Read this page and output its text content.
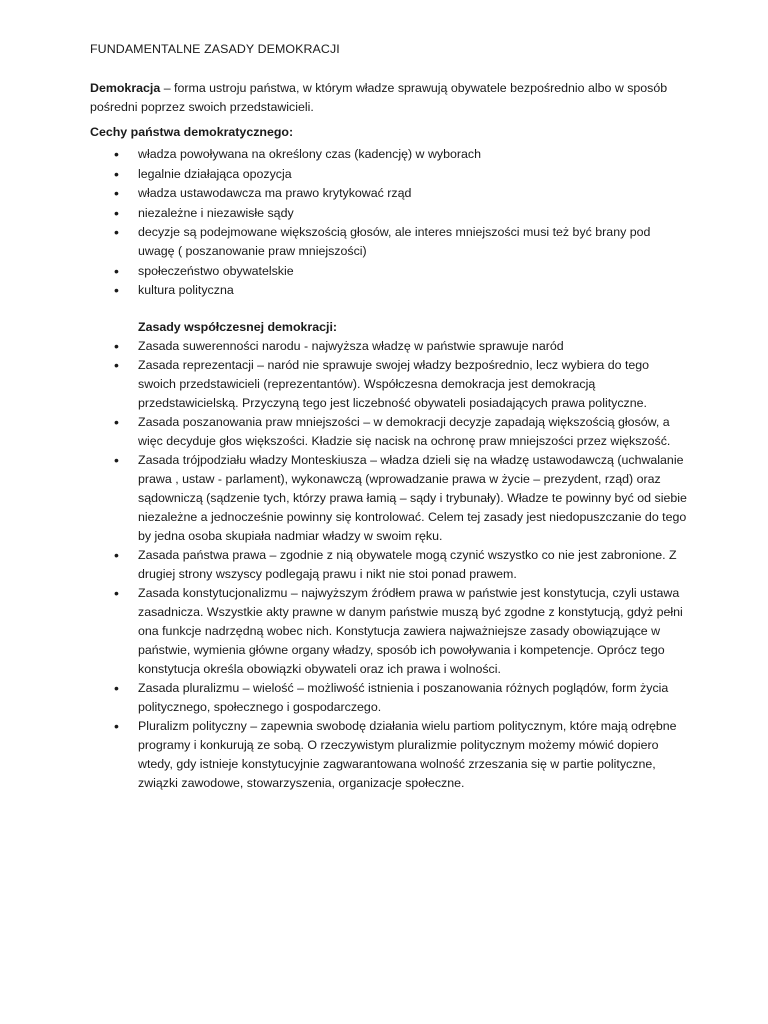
FUNDAMENTALNE ZASADY DEMOKRACJI

Demokracja – forma ustroju państwa, w którym władze sprawują obywatele bezpośrednio albo w sposób pośredni poprzez swoich przedstawicieli.

Cechy państwa demokratycznego:
• władza powoływana na określony czas (kadencję) w wyborach
• legalnie działająca opozycja
• władza ustawodawcza ma prawo krytykować rząd
• niezależne i niezawisłe sądy
• decyzje są podejmowane większością głosów, ale interes mniejszości musi też być brany pod uwagę ( poszanowanie praw mniejszości)
• społeczeństwo obywatelskie
• kultura polityczna
Zasady współczesnej demokracji:
• Zasada suwerenności narodu - najwyższa władzę w państwie sprawuje naród
• Zasada reprezentacji – naród nie sprawuje swojej władzy bezpośrednio, lecz wybiera do tego swoich przedstawicieli (reprezentantów). Współczesna demokracja jest demokracją przedstawicielską. Przyczyną tego jest liczebność obywateli posiadających prawa polityczne.
• Zasada poszanowania praw mniejszości – w demokracji decyzje zapadają większością głosów, a więc decyduje głos większości. Kładzie się nacisk na ochronę praw mniejszości przez większość.
• Zasada trójpodziału władzy Monteskiusza – władza dzieli się na władzę ustawodawczą (uchwalanie prawa , ustaw - parlament), wykonawczą (wprowadzanie prawa w życie – prezydent, rząd) oraz sądowniczą (sądzenie tych, którzy prawa łamią – sądy i trybunały). Władze te powinny być od siebie niezależne a jednocześnie powinny się kontrolować. Celem tej zasady jest niedopuszczanie do tego by jedna osoba skupiała nadmiar władzy w swoim ręku.
• Zasada państwa prawa – zgodnie z nią obywatele mogą czynić wszystko co nie jest zabronione. Z drugiej strony wszyscy podlegają prawu i nikt nie stoi ponad prawem.
• Zasada konstytucjonalizmu – najwyższym źródłem prawa w państwie jest konstytucja, czyli ustawa zasadnicza. Wszystkie akty prawne w danym państwie muszą być zgodne z konstytucją, gdyż pełni ona funkcje nadrzędną wobec nich. Konstytucja zawiera najważniejsze zasady obowiązujące w państwie, wymienia główne organy władzy, sposób ich powoływania i kompetencje. Oprócz tego konstytucja określa obowiązki obywateli oraz ich prawa i wolności.
• Zasada pluralizmu – wielość – możliwość istnienia i poszanowania różnych poglądów, form życia politycznego, społecznego i gospodarczego.
• Pluralizm polityczny – zapewnia swobodę działania wielu partiom politycznym, które mają odrębne programy i konkurują ze sobą. O rzeczywistym pluralizmie politycznym możemy mówić dopiero wtedy, gdy istnieje konstytucyjnie zagwarantowana wolność zrzeszania się w partie polityczne, związki zawodowe, stowarzyszenia, organizacje społeczne.
